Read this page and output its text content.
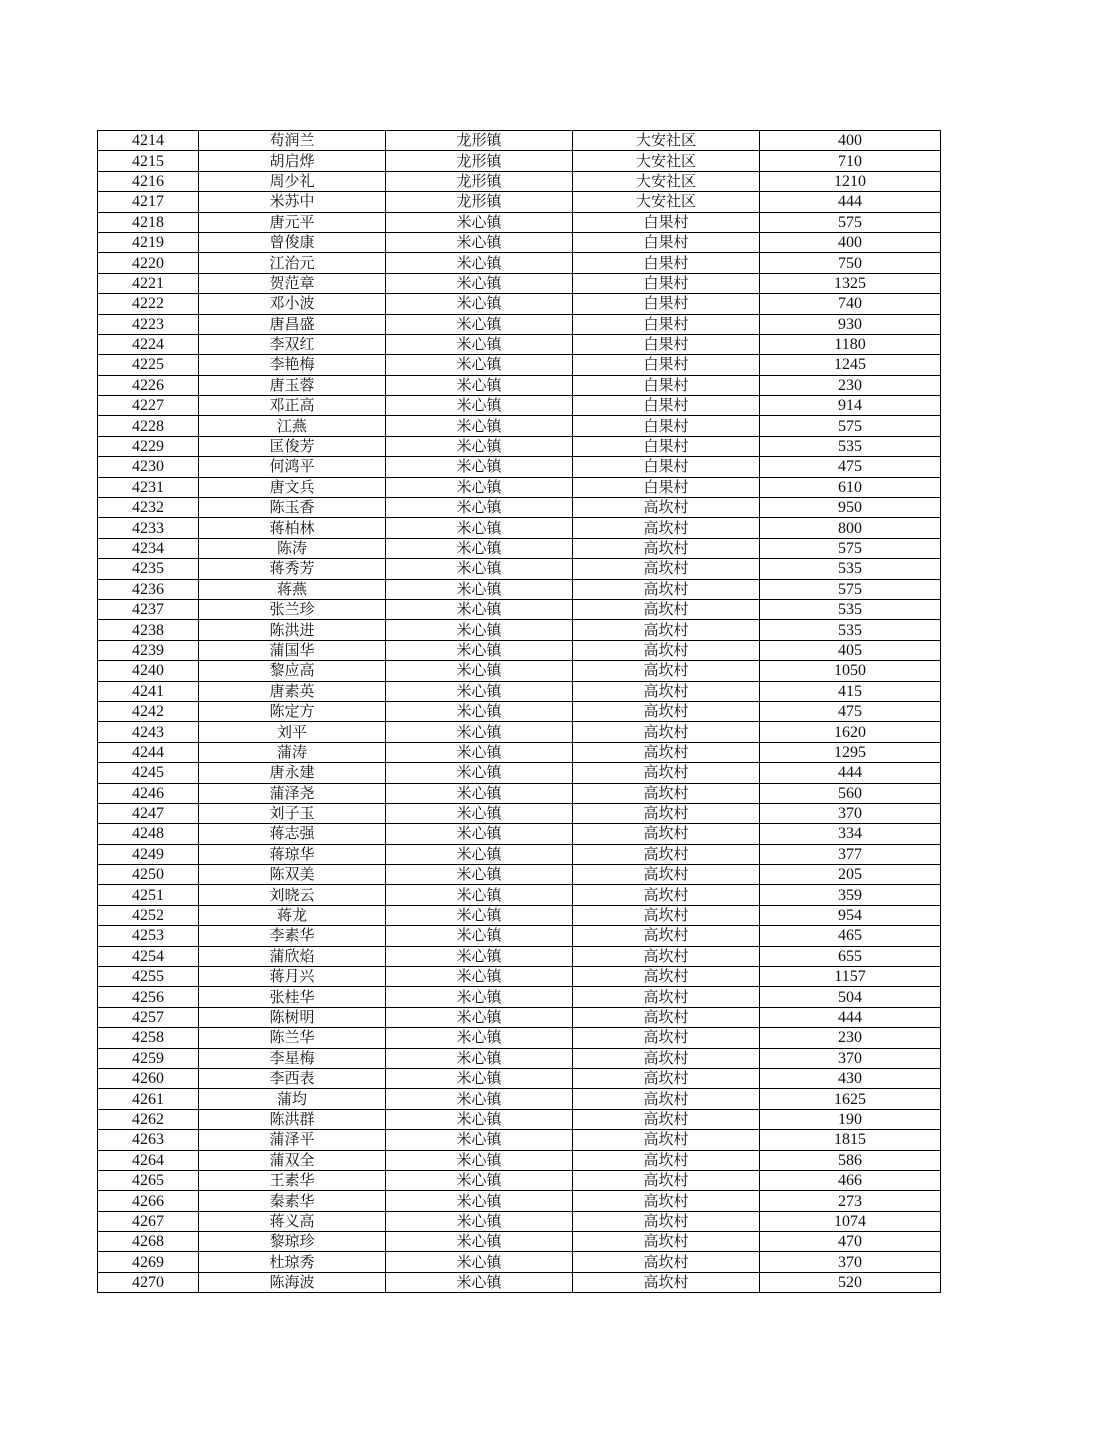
4214	苟润兰	龙形镇	大安社区	400
4215	胡启烨	龙形镇	大安社区	710
4216	周少礼	龙形镇	大安社区	1210
4217	米苏中	龙形镇	大安社区	444
4218	唐元平	米心镇	白果村	575
4219	曾俊康	米心镇	白果村	400
4220	江治元	米心镇	白果村	750
4221	贺范章	米心镇	白果村	1325
4222	邓小波	米心镇	白果村	740
4223	唐昌盛	米心镇	白果村	930
4224	李双红	米心镇	白果村	1180
4225	李艳梅	米心镇	白果村	1245
4226	唐玉蓉	米心镇	白果村	230
4227	邓正高	米心镇	白果村	914
4228	江燕	米心镇	白果村	575
4229	匡俊芳	米心镇	白果村	535
4230	何鸿平	米心镇	白果村	475
4231	唐文兵	米心镇	白果村	610
4232	陈玉香	米心镇	高坎村	950
4233	蒋柏林	米心镇	高坎村	800
4234	陈涛	米心镇	高坎村	575
4235	蒋秀芳	米心镇	高坎村	535
4236	蒋燕	米心镇	高坎村	575
4237	张兰珍	米心镇	高坎村	535
4238	陈洪进	米心镇	高坎村	535
4239	蒲国华	米心镇	高坎村	405
4240	黎应高	米心镇	高坎村	1050
4241	唐素英	米心镇	高坎村	415
4242	陈定方	米心镇	高坎村	475
4243	刘平	米心镇	高坎村	1620
4244	蒲涛	米心镇	高坎村	1295
4245	唐永建	米心镇	高坎村	444
4246	蒲泽尧	米心镇	高坎村	560
4247	刘子玉	米心镇	高坎村	370
4248	蒋志强	米心镇	高坎村	334
4249	蒋琼华	米心镇	高坎村	377
4250	陈双美	米心镇	高坎村	205
4251	刘晓云	米心镇	高坎村	359
4252	蒋龙	米心镇	高坎村	954
4253	李素华	米心镇	高坎村	465
4254	蒲欣焰	米心镇	高坎村	655
4255	蒋月兴	米心镇	高坎村	1157
4256	张桂华	米心镇	高坎村	504
4257	陈树明	米心镇	高坎村	444
4258	陈兰华	米心镇	高坎村	230
4259	李星梅	米心镇	高坎村	370
4260	李西表	米心镇	高坎村	430
4261	蒲均	米心镇	高坎村	1625
4262	陈洪群	米心镇	高坎村	190
4263	蒲泽平	米心镇	高坎村	1815
4264	蒲双全	米心镇	高坎村	586
4265	王素华	米心镇	高坎村	466
4266	秦素华	米心镇	高坎村	273
4267	蒋义高	米心镇	高坎村	1074
4268	黎琼珍	米心镇	高坎村	470
4269	杜琼秀	米心镇	高坎村	370
4270	陈海波	米心镇	高坎村	520
